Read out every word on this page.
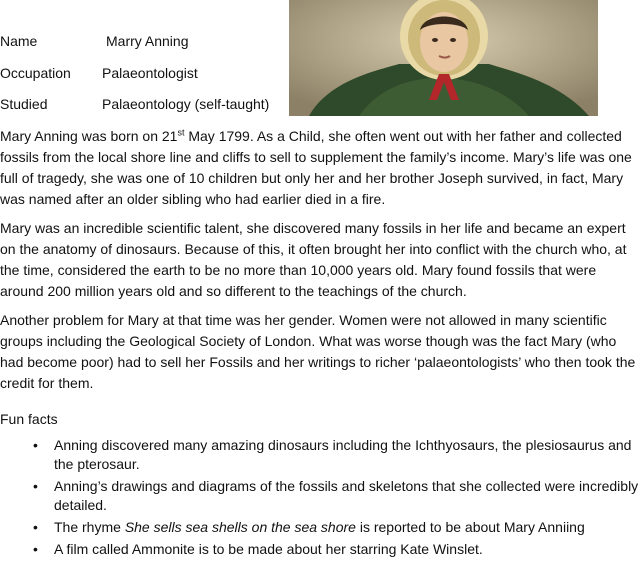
Name	Marry Anning
Occupation Palaeontologist
Studied	Palaeontology (self-taught)

Mary Anning was born on 21st May 1799. As a Child, she often went out with her father and collected fossils from the local shore line and cliffs to sell to supplement the family’s income. Mary’s life was one full of tragedy, she was one of 10 children but only her and her brother Joseph survived, in fact, Mary was named after an older sibling who had earlier died in a fire.

Mary was an incredible scientific talent, she discovered many fossils in her life and became an expert on the anatomy of dinosaurs. Because of this, it often brought her into conflict with the church who, at the time, considered the earth to be no more than 10,000 years old. Mary found fossils that were around 200 million years old and so different to the teachings of the church.

Another problem for Mary at that time was her gender. Women were not allowed in many scientific groups including the Geological Society of London. What was worse though was the fact Mary (who had become poor) had to sell her Fossils and her writings to richer ‘palaeontologists’ who then took the credit for them.

Fun facts

• Anning discovered many amazing dinosaurs including the Ichthyosaurs, the plesiosaurus and the pterosaur.
• Anning’s drawings and diagrams of the fossils and skeletons that she collected were incredibly detailed.
• The rhyme She sells sea shells on the sea shore is reported to be about Mary Anniing
• A film called Ammonite is to be made about her starring Kate Winslet.
